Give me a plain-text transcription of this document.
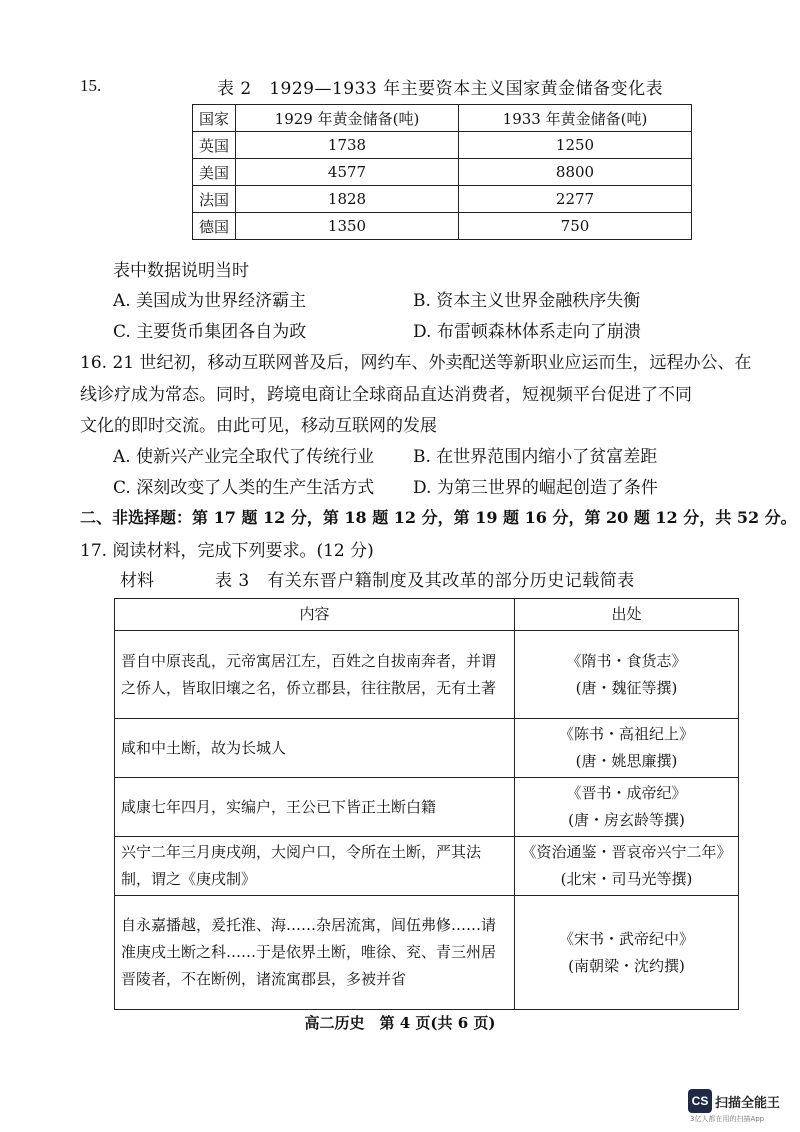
15.	表 2　1929—1933 年主要资本主义国家黄金储备变化表
国家	1929 年黄金储备(吨)	1933 年黄金储备(吨)
英国	1738	1250
美国	4577	8800
法国	1828	2277
德国	1350	750
表中数据说明当时
A. 美国成为世界经济霸主	B. 资本主义世界金融秩序失衡
C. 主要货币集团各自为政	D. 布雷顿森林体系走向了崩溃
16. 21 世纪初，移动互联网普及后，网约车、外卖配送等新职业应运而生，远程办公、在
线诊疗成为常态。同时，跨境电商让全球商品直达消费者，短视频平台促进了不同
文化的即时交流。由此可见，移动互联网的发展
A. 使新兴产业完全取代了传统行业 B. 在世界范围内缩小了贫富差距
C. 深刻改变了人类的生产生活方式 D. 为第三世界的崛起创造了条件
二、非选择题：第 17 题 12 分，第 18 题 12 分，第 19 题 16 分，第 20 题 12 分，共 52 分。
17. 阅读材料，完成下列要求。(12 分)
材料	表 3　有关东晋户籍制度及其改革的部分历史记载简表
内容	出处
晋自中原丧乱，元帝寓居江左，百姓之自拔南奔者，并谓之侨人，皆取旧壤之名，侨立郡县，往往散居，无有土著	《隋书・食货志》
(唐・魏征等撰)

咸和中土断，故为长城人	《陈书・高祖纪上》
(唐・姚思廉撰)

咸康七年四月，实编户，王公已下皆正土断白籍	《晋书・成帝纪》
(唐・房玄龄等撰)

兴宁二年三月庚戌朔，大阅户口，令所在土断，严其法制，谓之《庚戌制》	《资治通鉴・晋哀帝兴宁二年》
(北宋・司马光等撰)

自永嘉播越，爰托淮、海……杂居流寓，闾伍弗修……请准庚戌土断之科……于是依界土断，唯徐、兖、青三州居晋陵者，不在断例，诸流寓郡县，多被并省	《宋书・武帝纪中》
(南朝梁・沈约撰)
高二历史　第 4 页(共 6 页)
CS 扫描全能王
3亿人都在用的扫描App
